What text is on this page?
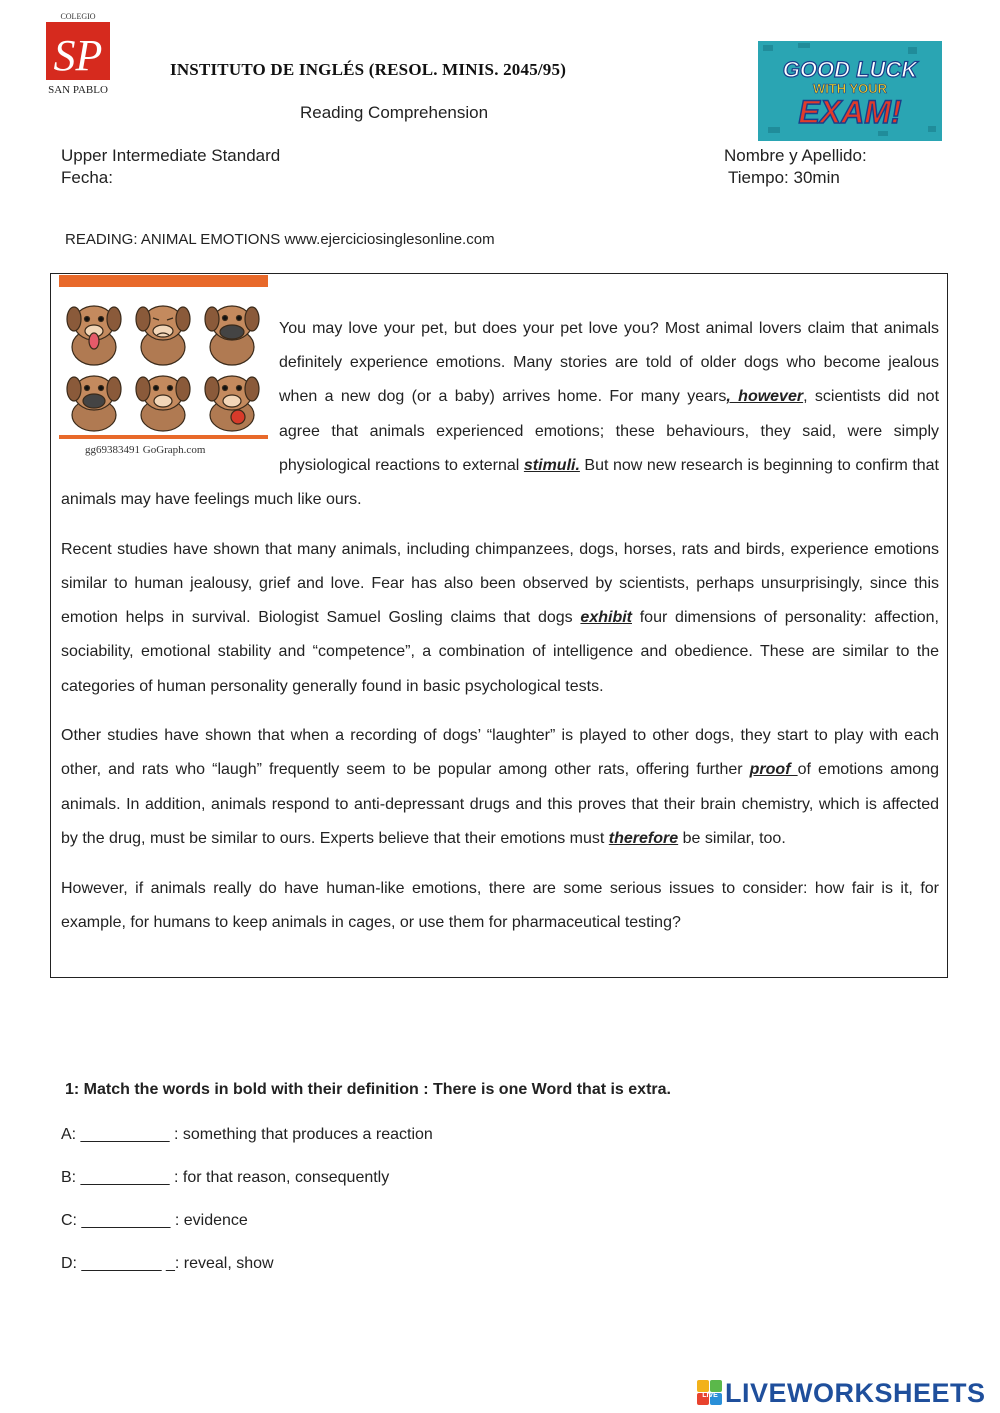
COLEGIO
SP
SAN PABLO
INSTITUTO DE INGLÉS (RESOL. MINIS. 2045/95)	GOOD LUCK
WITH YOUR
EXAM!
Reading Comprehension
Upper Intermediate Standard
Fecha:
Nombre y Apellido:
Tiempo: 30min
READING: ANIMAL EMOTIONS www.ejerciciosinglesonline.com
gg69383491 GoGraph.com

You may love your pet, but does your pet love you? Most animal lovers claim that animals definitely experience emotions. Many stories are told of older dogs who become jealous when a new dog (or a baby) arrives home. For many years, however, scientists did not agree that animals experienced emotions; these behaviours, they said, were simply physiological reactions to external stimuli. But now new research is beginning to confirm that animals may have feelings much like ours.

Recent studies have shown that many animals, including chimpanzees, dogs, horses, rats and birds, experience emotions similar to human jealousy, grief and love. Fear has also been observed by scientists, perhaps unsurprisingly, since this emotion helps in survival. Biologist Samuel Gosling claims that dogs exhibit four dimensions of personality: affection, sociability, emotional stability and “competence”, a combination of intelligence and obedience. These are similar to the categories of human personality generally found in basic psychological tests.

Other studies have shown that when a recording of dogs’ “laughter” is played to other dogs, they start to play with each other, and rats who “laugh” frequently seem to be popular among other rats, offering further proof of emotions among animals. In addition, animals respond to anti-depressant drugs and this proves that their brain chemistry, which is affected by the drug, must be similar to ours. Experts believe that their emotions must therefore be similar, too.

However, if animals really do have human-like emotions, there are some serious issues to consider: how fair is it, for example, for humans to keep animals in cages, or use them for pharmaceutical testing?

1: Match the words in bold with their definition : There is one Word that is extra.
A: __________ : something that produces a reaction
B: __________ : for that reason, consequently
C: __________ : evidence
D: _________ _: reveal, show
LIVE LIVEWORKSHEETS
